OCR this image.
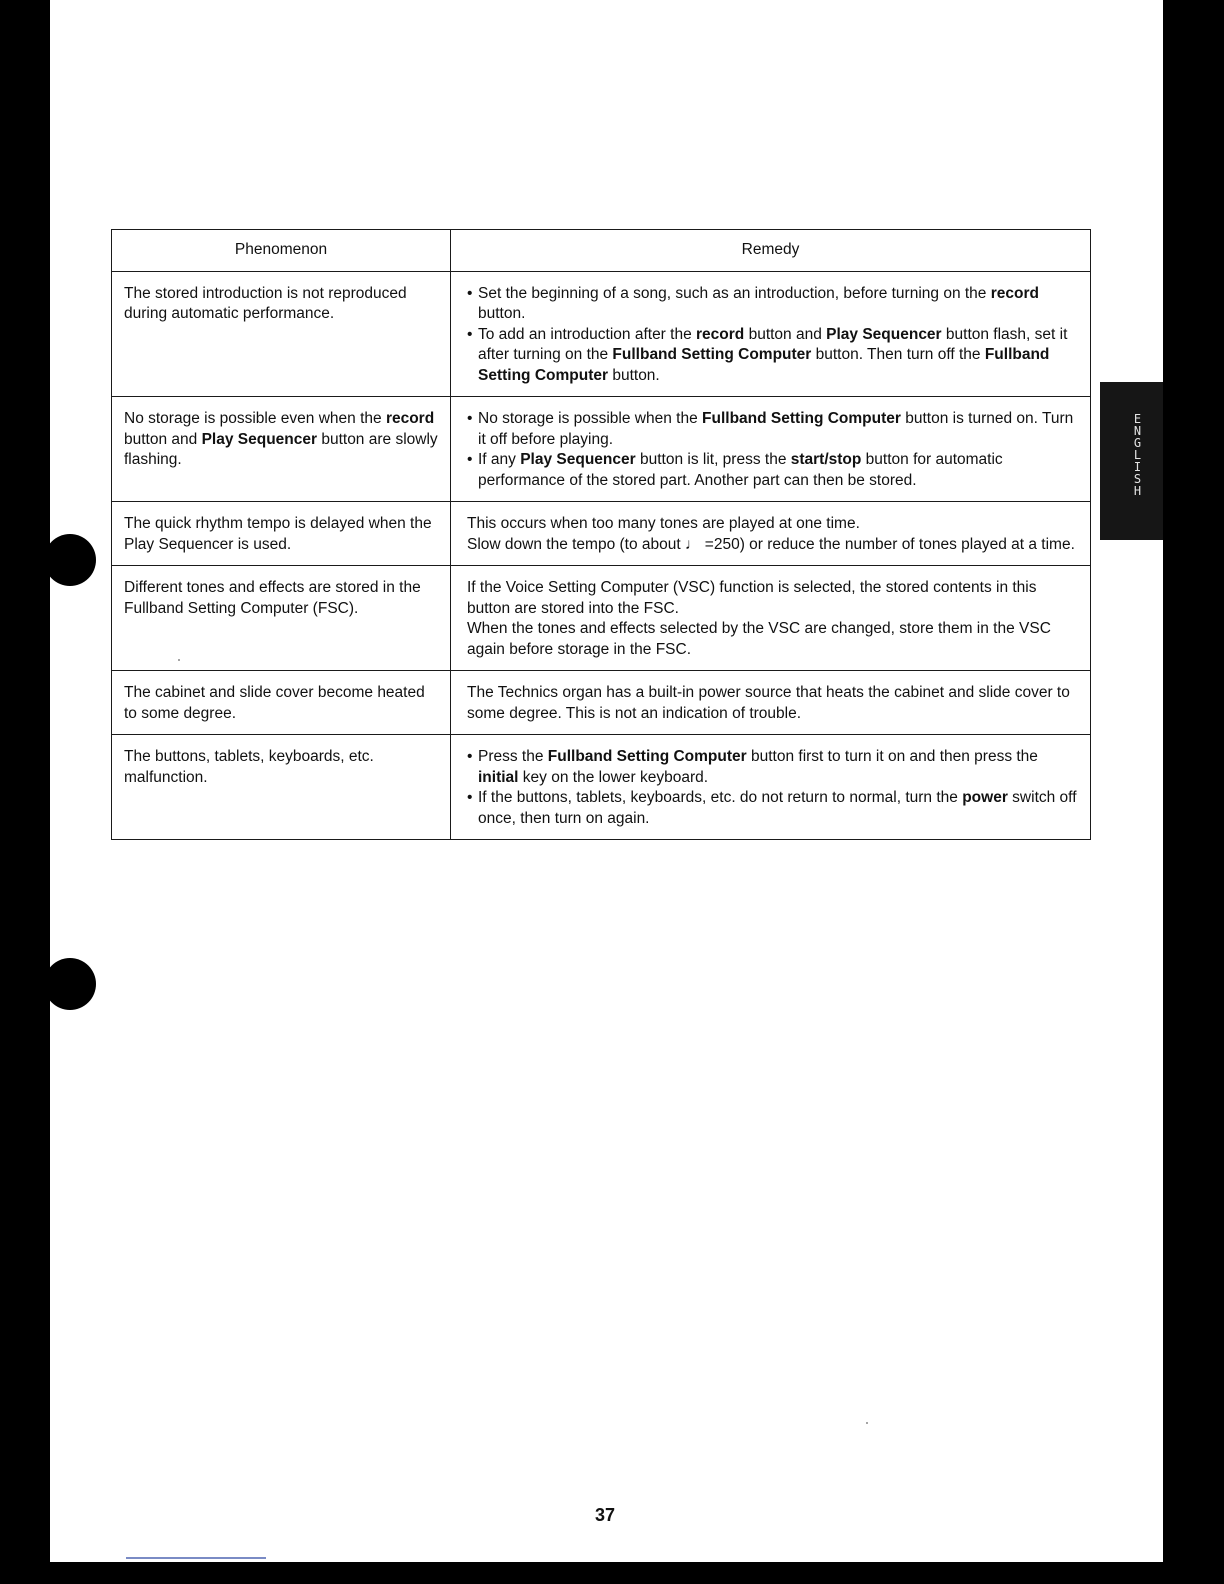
ENGLISH
Phenomenon	Remedy
The stored introduction is not reproduced during automatic performance.	• Set the beginning of a song, such as an introduction, before turning on the record button.
• To add an introduction after the record button and Play Sequencer button flash, set it after turning on the Fullband Setting Computer button. Then turn off the Fullband Setting Computer button.

No storage is possible even when the record button and Play Sequencer button are slowly flashing.	• No storage is possible when the Fullband Setting Computer button is turned on. Turn it off before playing.
• If any Play Sequencer button is lit, press the start/stop button for automatic performance of the stored part. Another part can then be stored.

The quick rhythm tempo is delayed when the Play Sequencer is used.	This occurs when too many tones are played at one time.
Slow down the tempo (to about ♩ =250) or reduce the number of tones played at a time.

Different tones and effects are stored in the Fullband Setting Computer (FSC).	If the Voice Setting Computer (VSC) function is selected, the stored contents in this button are stored into the FSC.
When the tones and effects selected by the VSC are changed, store them in the VSC again before storage in the FSC.

The cabinet and slide cover become heated to some degree.	The Technics organ has a built-in power source that heats the cabinet and slide cover to some degree. This is not an indication of trouble.

The buttons, tablets, keyboards, etc. malfunction.	• Press the Fullband Setting Computer button first to turn it on and then press the initial key on the lower keyboard.
• If the buttons, tablets, keyboards, etc. do not return to normal, turn the power switch off once, then turn on again.
37
